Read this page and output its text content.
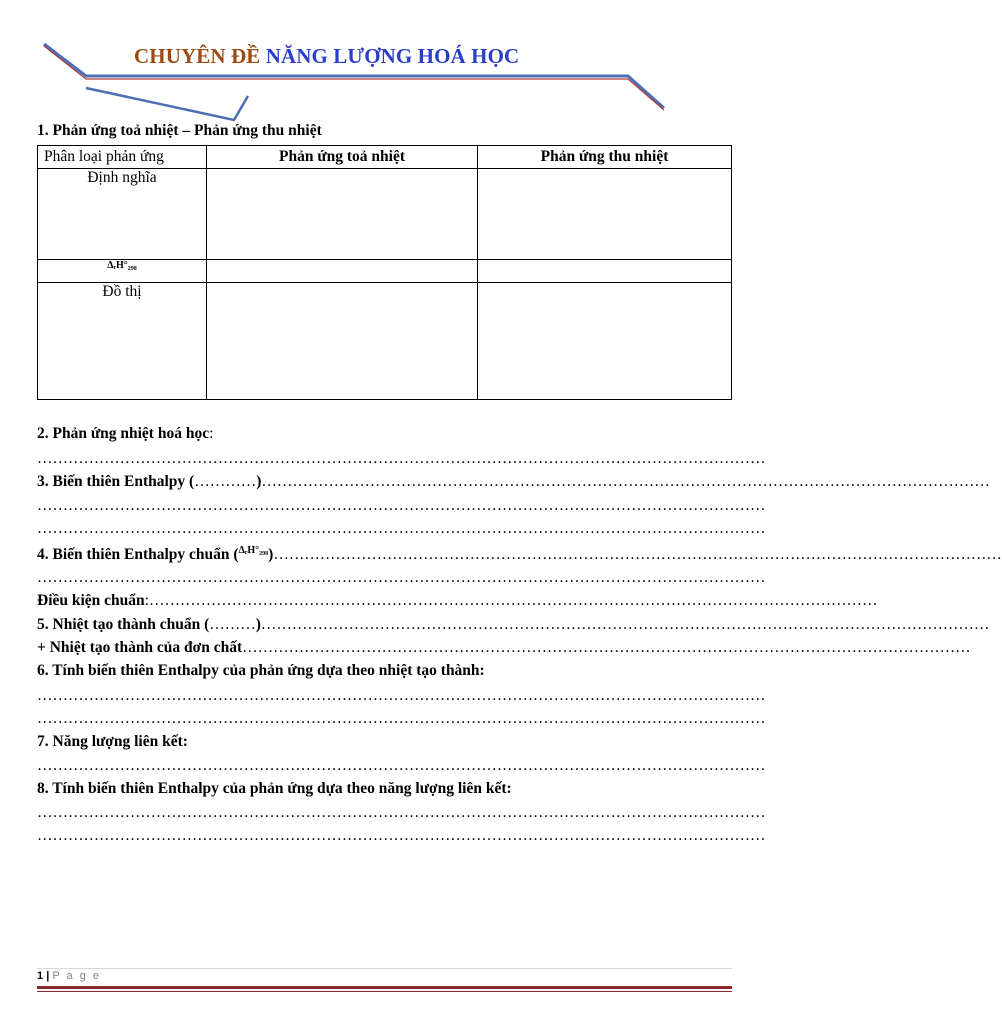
CHUYÊN ĐỀ NĂNG LƯỢNG HOÁ HỌC
1. Phản ứng toả nhiệt – Phản ứng thu nhiệt
Phân loại phản ứng	Phản ứng toả nhiệt	Phản ứng thu nhiệt
Định nghĩa		
ΔᵣH°₂₉₈		
Đồ thị		
2. Phản ứng nhiệt hoá học:
……………………………………………………………………………………………………………………………
3. Biến thiên Enthalpy (…………)……………………………………………………………………………………………………………………………
……………………………………………………………………………………………………………………………
……………………………………………………………………………………………………………………………
4. Biến thiên Enthalpy chuẩn ($^{\Delta ᵣH^\circ_{298}}$)……………………………………………………………………………………………………………………………
……………………………………………………………………………………………………………………………
Điều kiện chuẩn:……………………………………………………………………………………………………………………………
5. Nhiệt tạo thành chuẩn (………)……………………………………………………………………………………………………………………………
+ Nhiệt tạo thành của đơn chất……………………………………………………………………………………………………………………………
6. Tính biến thiên Enthalpy của phản ứng dựa theo nhiệt tạo thành:
……………………………………………………………………………………………………………………………
……………………………………………………………………………………………………………………………
7. Năng lượng liên kết:
……………………………………………………………………………………………………………………………
8. Tính biến thiên Enthalpy của phản ứng dựa theo năng lượng liên kết:
……………………………………………………………………………………………………………………………
……………………………………………………………………………………………………………………………
1 | P a g e
